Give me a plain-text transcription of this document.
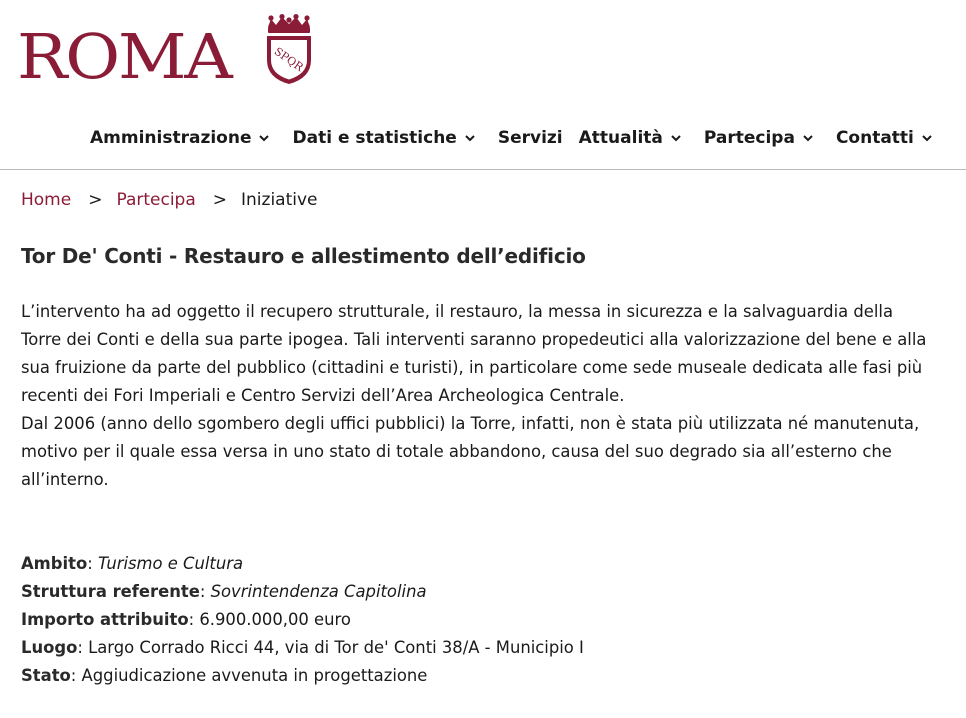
ROMA	SPQR
Amministrazione Dati e statistiche Servizi Attualità Partecipa Contatti
Home > Partecipa > Iniziative
Tor De' Conti - Restauro e allestimento dell’edificio

L’intervento ha ad oggetto il recupero strutturale, il restauro, la messa in sicurezza e la salvaguardia della Torre dei Conti e della sua parte ipogea. Tali interventi saranno propedeutici alla valorizzazione del bene e alla sua fruizione da parte del pubblico (cittadini e turisti), in particolare come sede museale dedicata alle fasi più recenti dei Fori Imperiali e Centro Servizi dell’Area Archeologica Centrale.

Dal 2006 (anno dello sgombero degli uffici pubblici) la Torre, infatti, non è stata più utilizzata né manutenuta, motivo per il quale essa versa in uno stato di totale abbandono, causa del suo degrado sia all’esterno che all’interno.

Ambito: Turismo e Cultura
Struttura referente: Sovrintendenza Capitolina
Importo attribuito: 6.900.000,00 euro
Luogo: Largo Corrado Ricci 44, via di Tor de' Conti 38/A - Municipio I
Stato: Aggiudicazione avvenuta in progettazione
